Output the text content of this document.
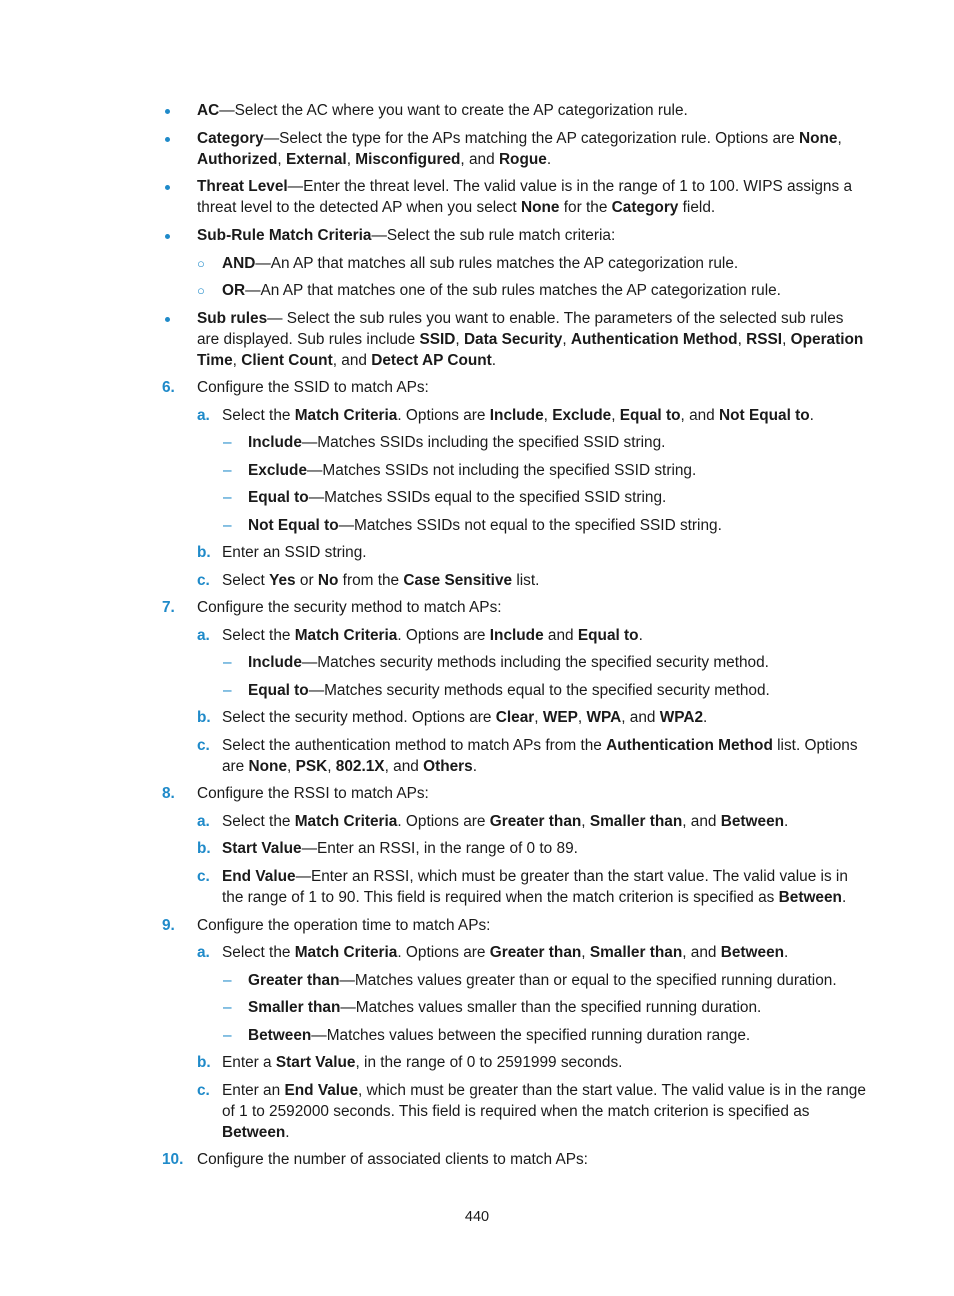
AC—Select the AC where you want to create the AP categorization rule.
Category—Select the type for the APs matching the AP categorization rule. Options are None, Authorized, External, Misconfigured, and Rogue.
Threat Level—Enter the threat level. The valid value is in the range of 1 to 100. WIPS assigns a threat level to the detected AP when you select None for the Category field.
Sub-Rule Match Criteria—Select the sub rule match criteria:
○ AND—An AP that matches all sub rules matches the AP categorization rule.
○ OR—An AP that matches one of the sub rules matches the AP categorization rule.
Sub rules— Select the sub rules you want to enable. The parameters of the selected sub rules are displayed. Sub rules include SSID, Data Security, Authentication Method, RSSI, Operation Time, Client Count, and Detect AP Count.
6. Configure the SSID to match APs:
a. Select the Match Criteria. Options are Include, Exclude, Equal to, and Not Equal to.
– Include—Matches SSIDs including the specified SSID string.
– Exclude—Matches SSIDs not including the specified SSID string.
– Equal to—Matches SSIDs equal to the specified SSID string.
– Not Equal to—Matches SSIDs not equal to the specified SSID string.
b. Enter an SSID string.
c. Select Yes or No from the Case Sensitive list.
7. Configure the security method to match APs:
a. Select the Match Criteria. Options are Include and Equal to.
– Include—Matches security methods including the specified security method.
– Equal to—Matches security methods equal to the specified security method.
b. Select the security method. Options are Clear, WEP, WPA, and WPA2.
c. Select the authentication method to match APs from the Authentication Method list. Options are None, PSK, 802.1X, and Others.
8. Configure the RSSI to match APs:
a. Select the Match Criteria. Options are Greater than, Smaller than, and Between.
b. Start Value—Enter an RSSI, in the range of 0 to 89.
c. End Value—Enter an RSSI, which must be greater than the start value. The valid value is in the range of 1 to 90. This field is required when the match criterion is specified as Between.
9. Configure the operation time to match APs:
a. Select the Match Criteria. Options are Greater than, Smaller than, and Between.
– Greater than—Matches values greater than or equal to the specified running duration.
– Smaller than—Matches values smaller than the specified running duration.
– Between—Matches values between the specified running duration range.
b. Enter a Start Value, in the range of 0 to 2591999 seconds.
c. Enter an End Value, which must be greater than the start value. The valid value is in the range of 1 to 2592000 seconds. This field is required when the match criterion is specified as Between.
10. Configure the number of associated clients to match APs:
440
